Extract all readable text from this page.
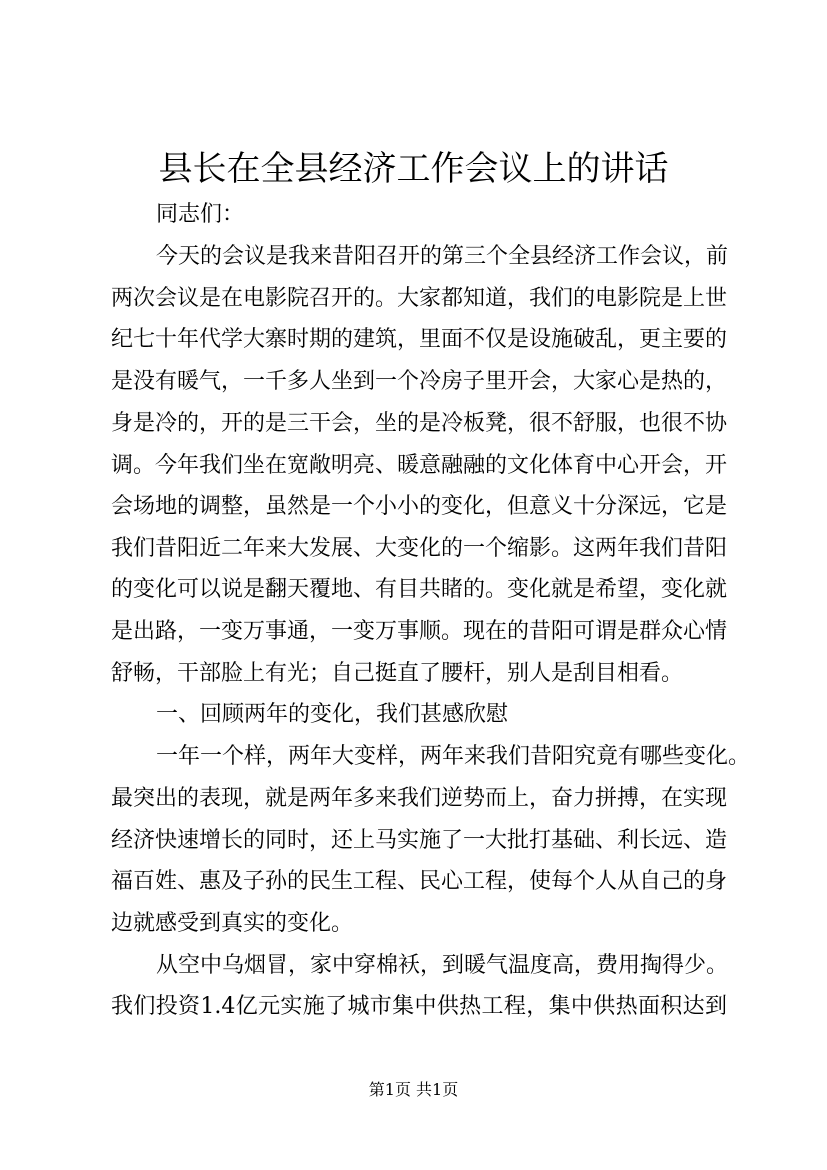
县长在全县经济工作会议上的讲话
同志们：
今天的会议是我来昔阳召开的第三个全县经济工作会议，前
两次会议是在电影院召开的。大家都知道，我们的电影院是上世
纪七十年代学大寨时期的建筑，里面不仅是设施破乱，更主要的
是没有暖气，一千多人坐到一个冷房子里开会，大家心是热的，
身是冷的，开的是三干会，坐的是冷板凳，很不舒服，也很不协
调。今年我们坐在宽敞明亮、暖意融融的文化体育中心开会，开
会场地的调整，虽然是一个小小的变化，但意义十分深远，它是
我们昔阳近二年来大发展、大变化的一个缩影。这两年我们昔阳
的变化可以说是翻天覆地、有目共睹的。变化就是希望，变化就
是出路，一变万事通，一变万事顺。现在的昔阳可谓是群众心情
舒畅，干部脸上有光；自己挺直了腰杆，别人是刮目相看。
一、回顾两年的变化，我们甚感欣慰
一年一个样，两年大变样，两年来我们昔阳究竟有哪些变化。
最突出的表现，就是两年多来我们逆势而上，奋力拼搏，在实现
经济快速增长的同时，还上马实施了一大批打基础、利长远、造
福百姓、惠及子孙的民生工程、民心工程，使每个人从自己的身
边就感受到真实的变化。
从空中乌烟冒，家中穿棉袄，到暖气温度高，费用掏得少。
我们投资1.4亿元实施了城市集中供热工程，集中供热面积达到
第1页 共1页
